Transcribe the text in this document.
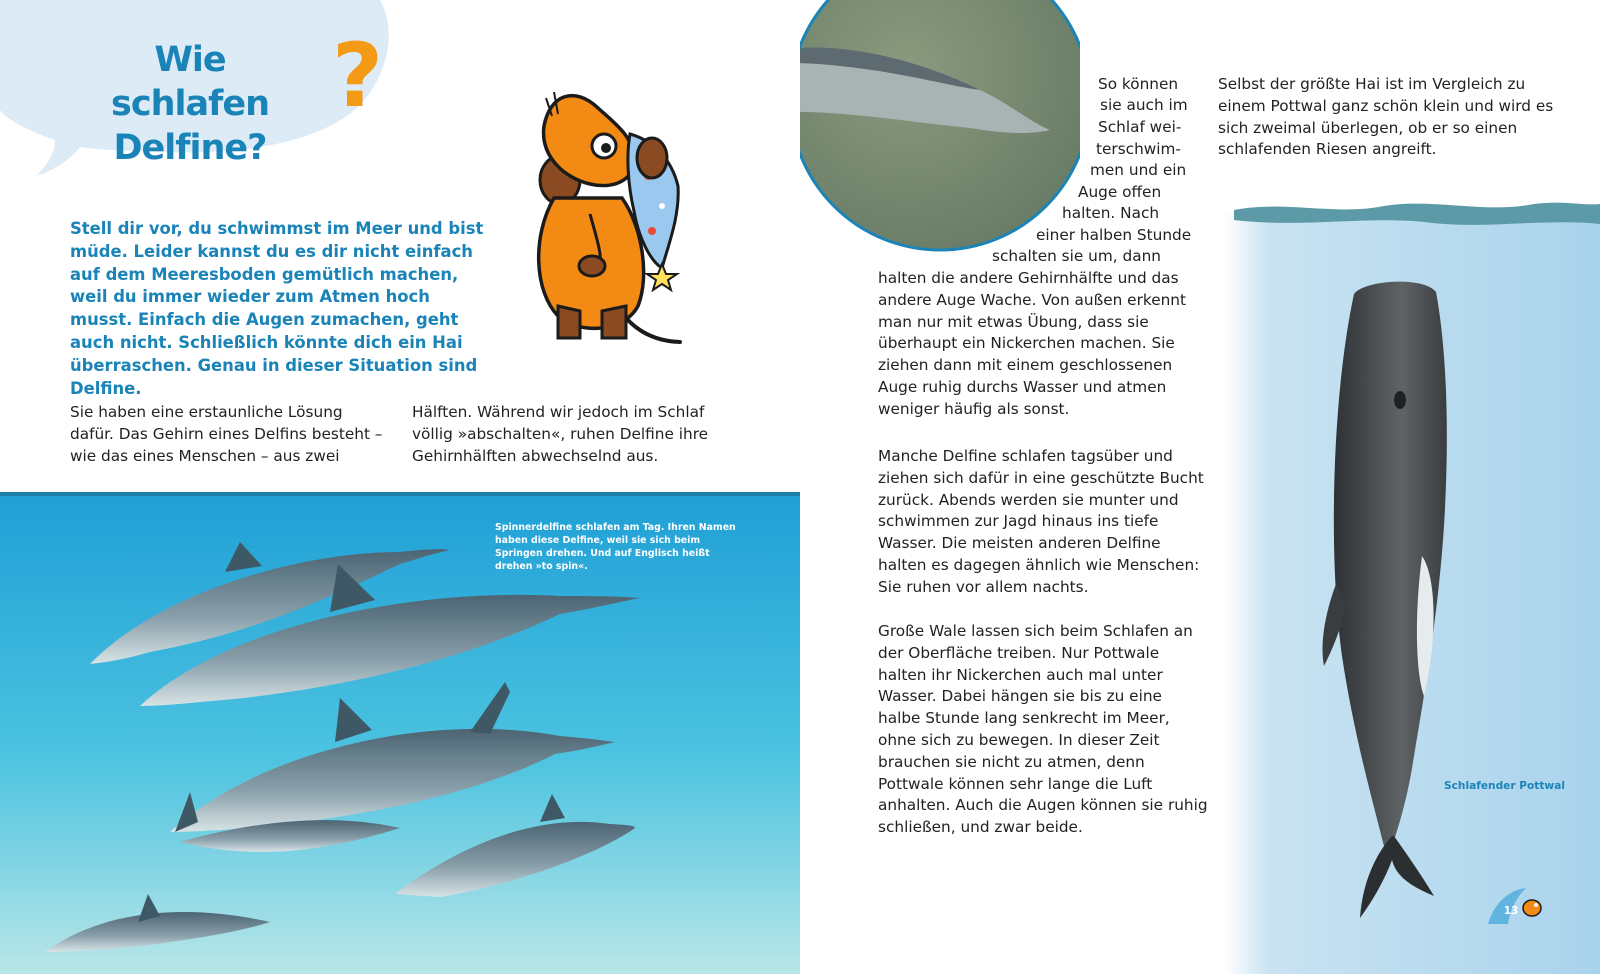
Wie schlafen
Delfine?
?

Stell dir vor, du schwimmst im Meer und bist müde. Leider kannst du es dir nicht einfach auf dem Meeresboden gemütlich machen, weil du immer wieder zum Atmen hoch musst. Einfach die Augen zumachen, geht auch nicht. Schließlich könnte dich ein Hai überraschen. Genau in dieser Situation sind Delfine.

Sie haben eine erstaunliche Lösung dafür. Das Gehirn eines Delfins besteht – wie das eines Menschen – aus zwei

Hälften. Während wir jedoch im Schlaf völlig »abschalten«, ruhen Delfine ihre Gehirnhälften abwechselnd aus.

Spinnerdelfine schlafen am Tag. Ihren Namen haben diese Delfine, weil sie sich beim Springen drehen. Und auf Englisch heißt drehen »to spin«.

So können
sie auch im
Schlaf wei-
terschwim-
men und ein
Auge offen
halten. Nach
einer halben Stunde
schalten sie um, dann

halten die andere Gehirnhälfte und das andere Auge Wache. Von außen erkennt man nur mit etwas Übung, dass sie überhaupt ein Nickerchen machen. Sie ziehen dann mit einem geschlossenen Auge ruhig durchs Wasser und atmen weniger häufig als sonst.

Manche Delfine schlafen tagsüber und ziehen sich dafür in eine geschützte Bucht zurück. Abends werden sie munter und schwimmen zur Jagd hinaus ins tiefe Wasser. Die meisten anderen Delfine halten es dagegen ähnlich wie Menschen: Sie ruhen vor allem nachts.

Große Wale lassen sich beim Schlafen an der Oberfläche treiben. Nur Pottwale halten ihr Nickerchen auch mal unter Wasser. Dabei hängen sie bis zu eine halbe Stunde lang senkrecht im Meer, ohne sich zu bewegen. In dieser Zeit brauchen sie nicht zu atmen, denn Pottwale können sehr lange die Luft anhalten. Auch die Augen können sie ruhig schließen, und zwar beide.

Selbst der größte Hai ist im Vergleich zu einem Pottwal ganz schön klein und wird es sich zweimal überlegen, ob er so einen schlafenden Riesen angreift.

Schlafender Pottwal

13
